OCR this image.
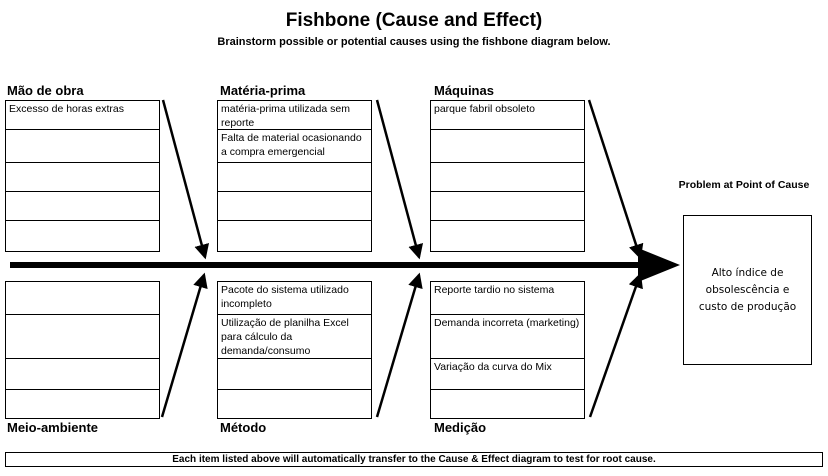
Fishbone (Cause and Effect)
Brainstorm possible or potential causes using the fishbone diagram below.
Mão de obra	Matéria-prima	Máquinas
Meio-ambiente	Método	Medição
Excesso de horas extras	matéria-prima utilizada sem reporte
Falta de material ocasionando a compra emergencial
parque fabril obsoleto
Pacote do sistema utilizado incompleto
Utilização de planilha Excel para cálculo da demanda/consumo
Reporte tardio no sistema
Demanda incorreta (marketing)
Variação da curva do Mix
Problem at Point of Cause
Alto índice de obsolescência e custo de produção
Each item listed above will automatically transfer to the Cause & Effect diagram to test for root cause.
